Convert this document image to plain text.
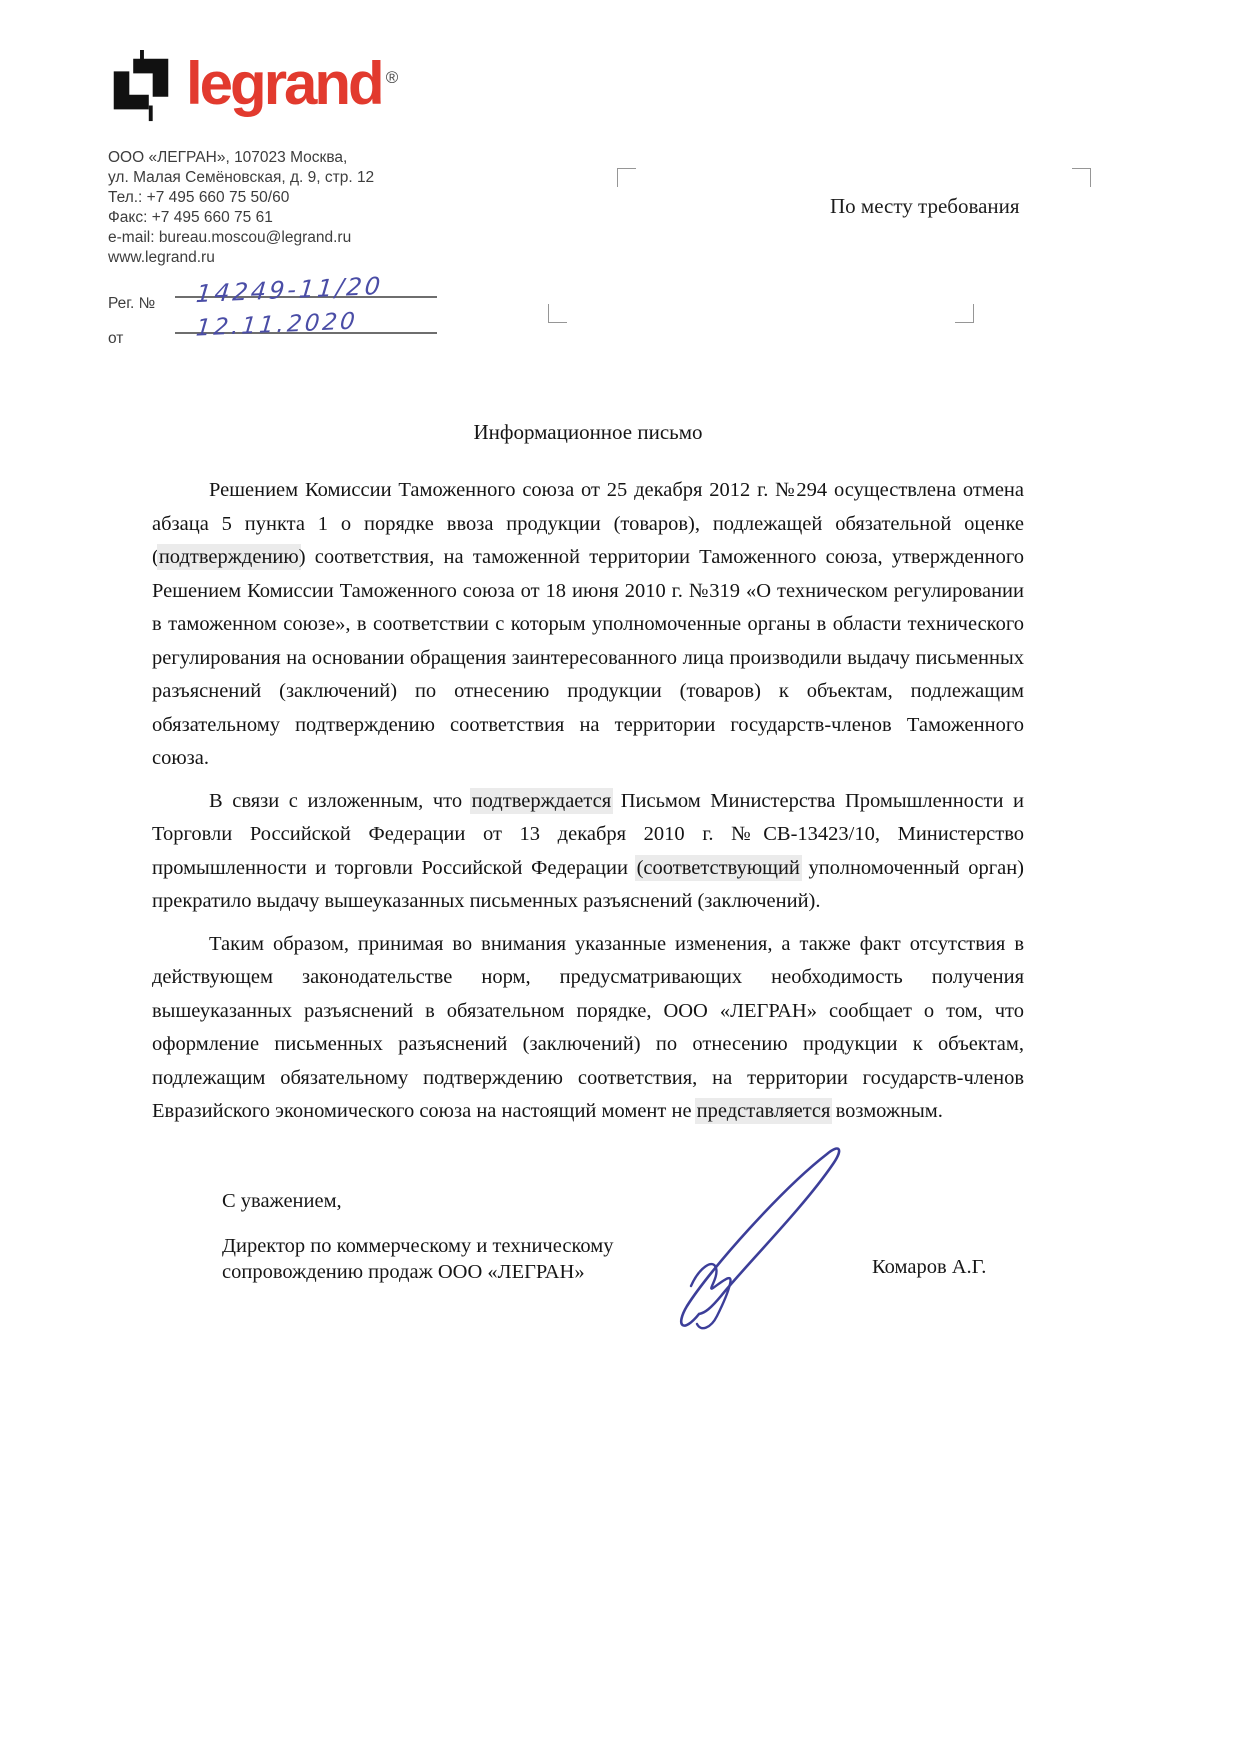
legrand ®
ООО «ЛЕГРАН», 107023 Москва,
ул. Малая Семёновская, д. 9, стр. 12
Тел.: +7 495 660 75 50/60
Факс: +7 495 660 75 61
e-mail: bureau.moscou@legrand.ru
www.legrand.ru
Рег. № 14249-11/20
от	12.11.2020
По месту требования
Информационное письмо

Решением Комиссии Таможенного союза от 25 декабря 2012 г. №294 осуществлена отмена абзаца 5 пункта 1 о порядке ввоза продукции (товаров), подлежащей обязательной оценке (подтверждению) соответствия, на таможенной территории Таможенного союза, утвержденного Решением Комиссии Таможенного союза от 18 июня 2010 г. №319 «О техническом регулировании в таможенном союзе», в соответствии с которым уполномоченные органы в области технического регулирования на основании обращения заинтересованного лица производили выдачу письменных разъяснений (заключений) по отнесению продукции (товаров) к объектам, подлежащим обязательному подтверждению соответствия на территории государств-членов Таможенного союза.

В связи с изложенным, что подтверждается Письмом Министерства Промышленности и Торговли Российской Федерации от 13 декабря 2010 г. №СВ-13423/10, Министерство промышленности и торговли Российской Федерации (соответствующий уполномоченный орган) прекратило выдачу вышеуказанных письменных разъяснений (заключений).

Таким образом, принимая во внимания указанные изменения, а также факт отсутствия в действующем законодательстве норм, предусматривающих необходимость получения вышеуказанных разъяснений в обязательном порядке, ООО «ЛЕГРАН» сообщает о том, что оформление письменных разъяснений (заключений) по отнесению продукции к объектам, подлежащим обязательному подтверждению соответствия, на территории государств-членов Евразийского экономического союза на настоящий момент не представляется возможным.

С уважением,
Директор по коммерческому и техническому
сопровождению продаж ООО «ЛЕГРАН»	Комаров А.Г.
